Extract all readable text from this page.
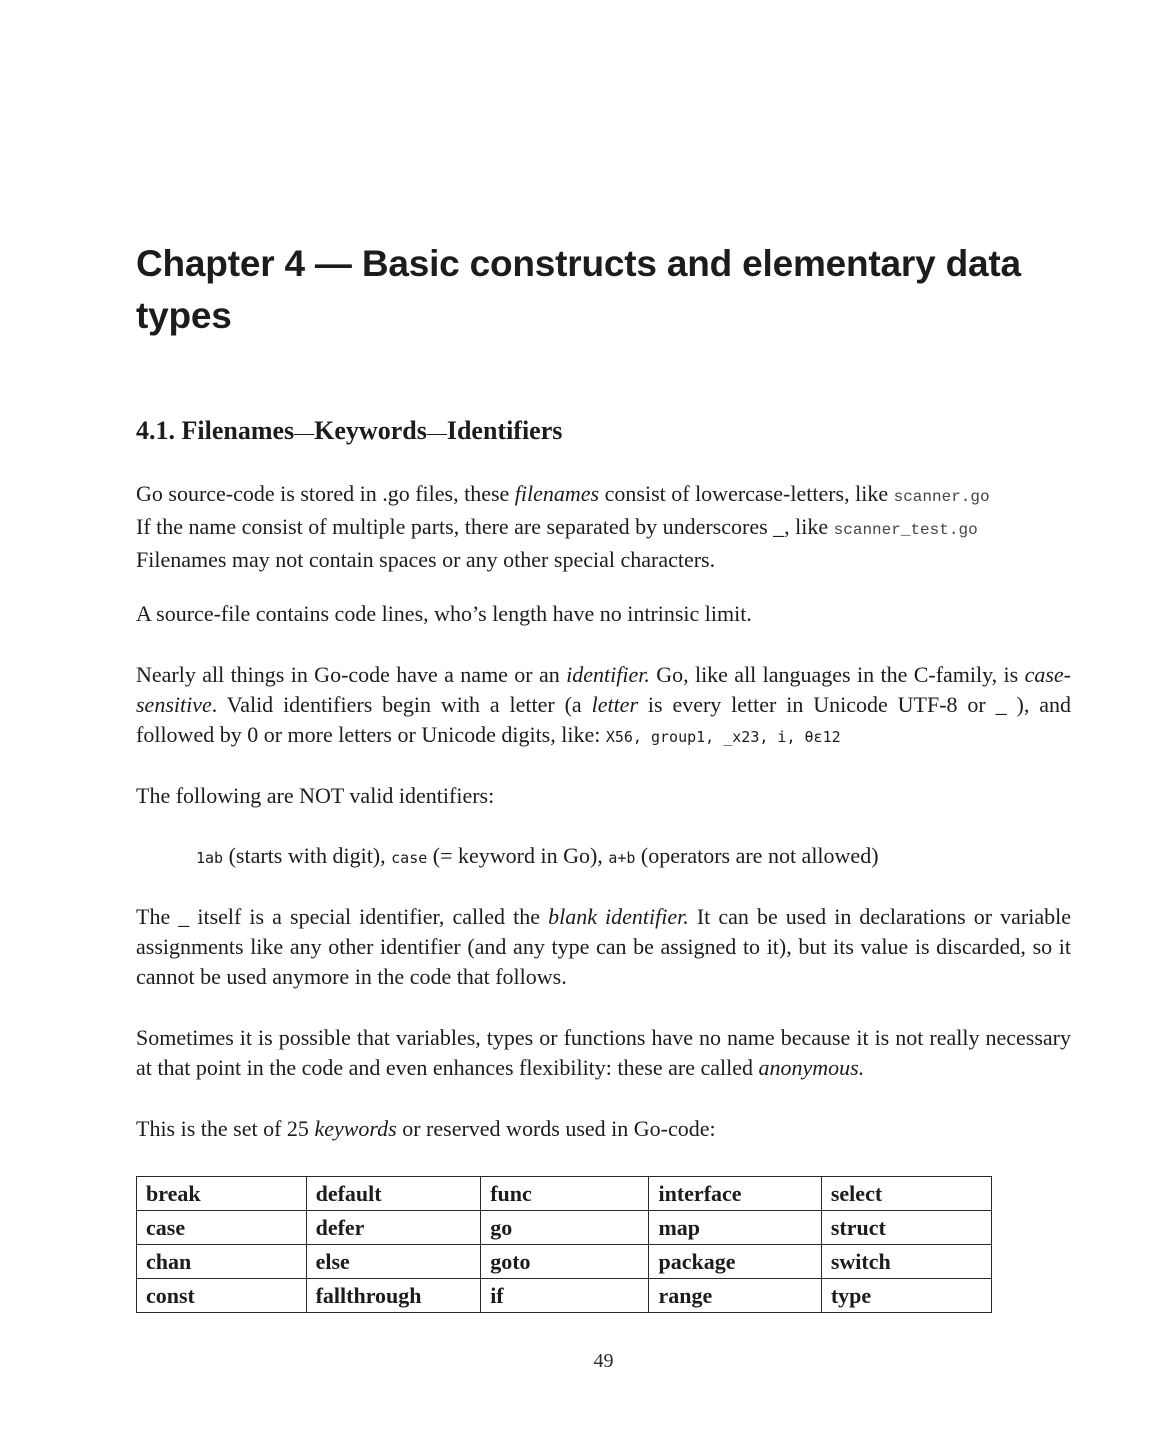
Chapter 4 — Basic constructs and elementary data types
4.1. Filenames—Keywords—Identifiers

Go source-code is stored in .go files, these filenames consist of lowercase-letters, like scanner.go
If the name consist of multiple parts, there are separated by underscores _, like scanner_test.go
Filenames may not contain spaces or any other special characters.

A source-file contains code lines, who’s length have no intrinsic limit.

Nearly all things in Go-code have a name or an identifier. Go, like all languages in the C-family, is case-sensitive. Valid identifiers begin with a letter (a letter is every letter in Unicode UTF-8 or _ ), and followed by 0 or more letters or Unicode digits, like: X56, group1, _x23, i, θε12

The following are NOT valid identifiers:

1ab (starts with digit), case (= keyword in Go), a+b (operators are not allowed)

The _ itself is a special identifier, called the blank identifier. It can be used in declarations or variable assignments like any other identifier (and any type can be assigned to it), but its value is discarded, so it cannot be used anymore in the code that follows.

Sometimes it is possible that variables, types or functions have no name because it is not really necessary at that point in the code and even enhances flexibility: these are called anonymous.

This is the set of 25 keywords or reserved words used in Go-code:

break	default	func	interface	select
case	defer	go	map	struct
chan	else	goto	package	switch
const	fallthrough	if	range	type
49
